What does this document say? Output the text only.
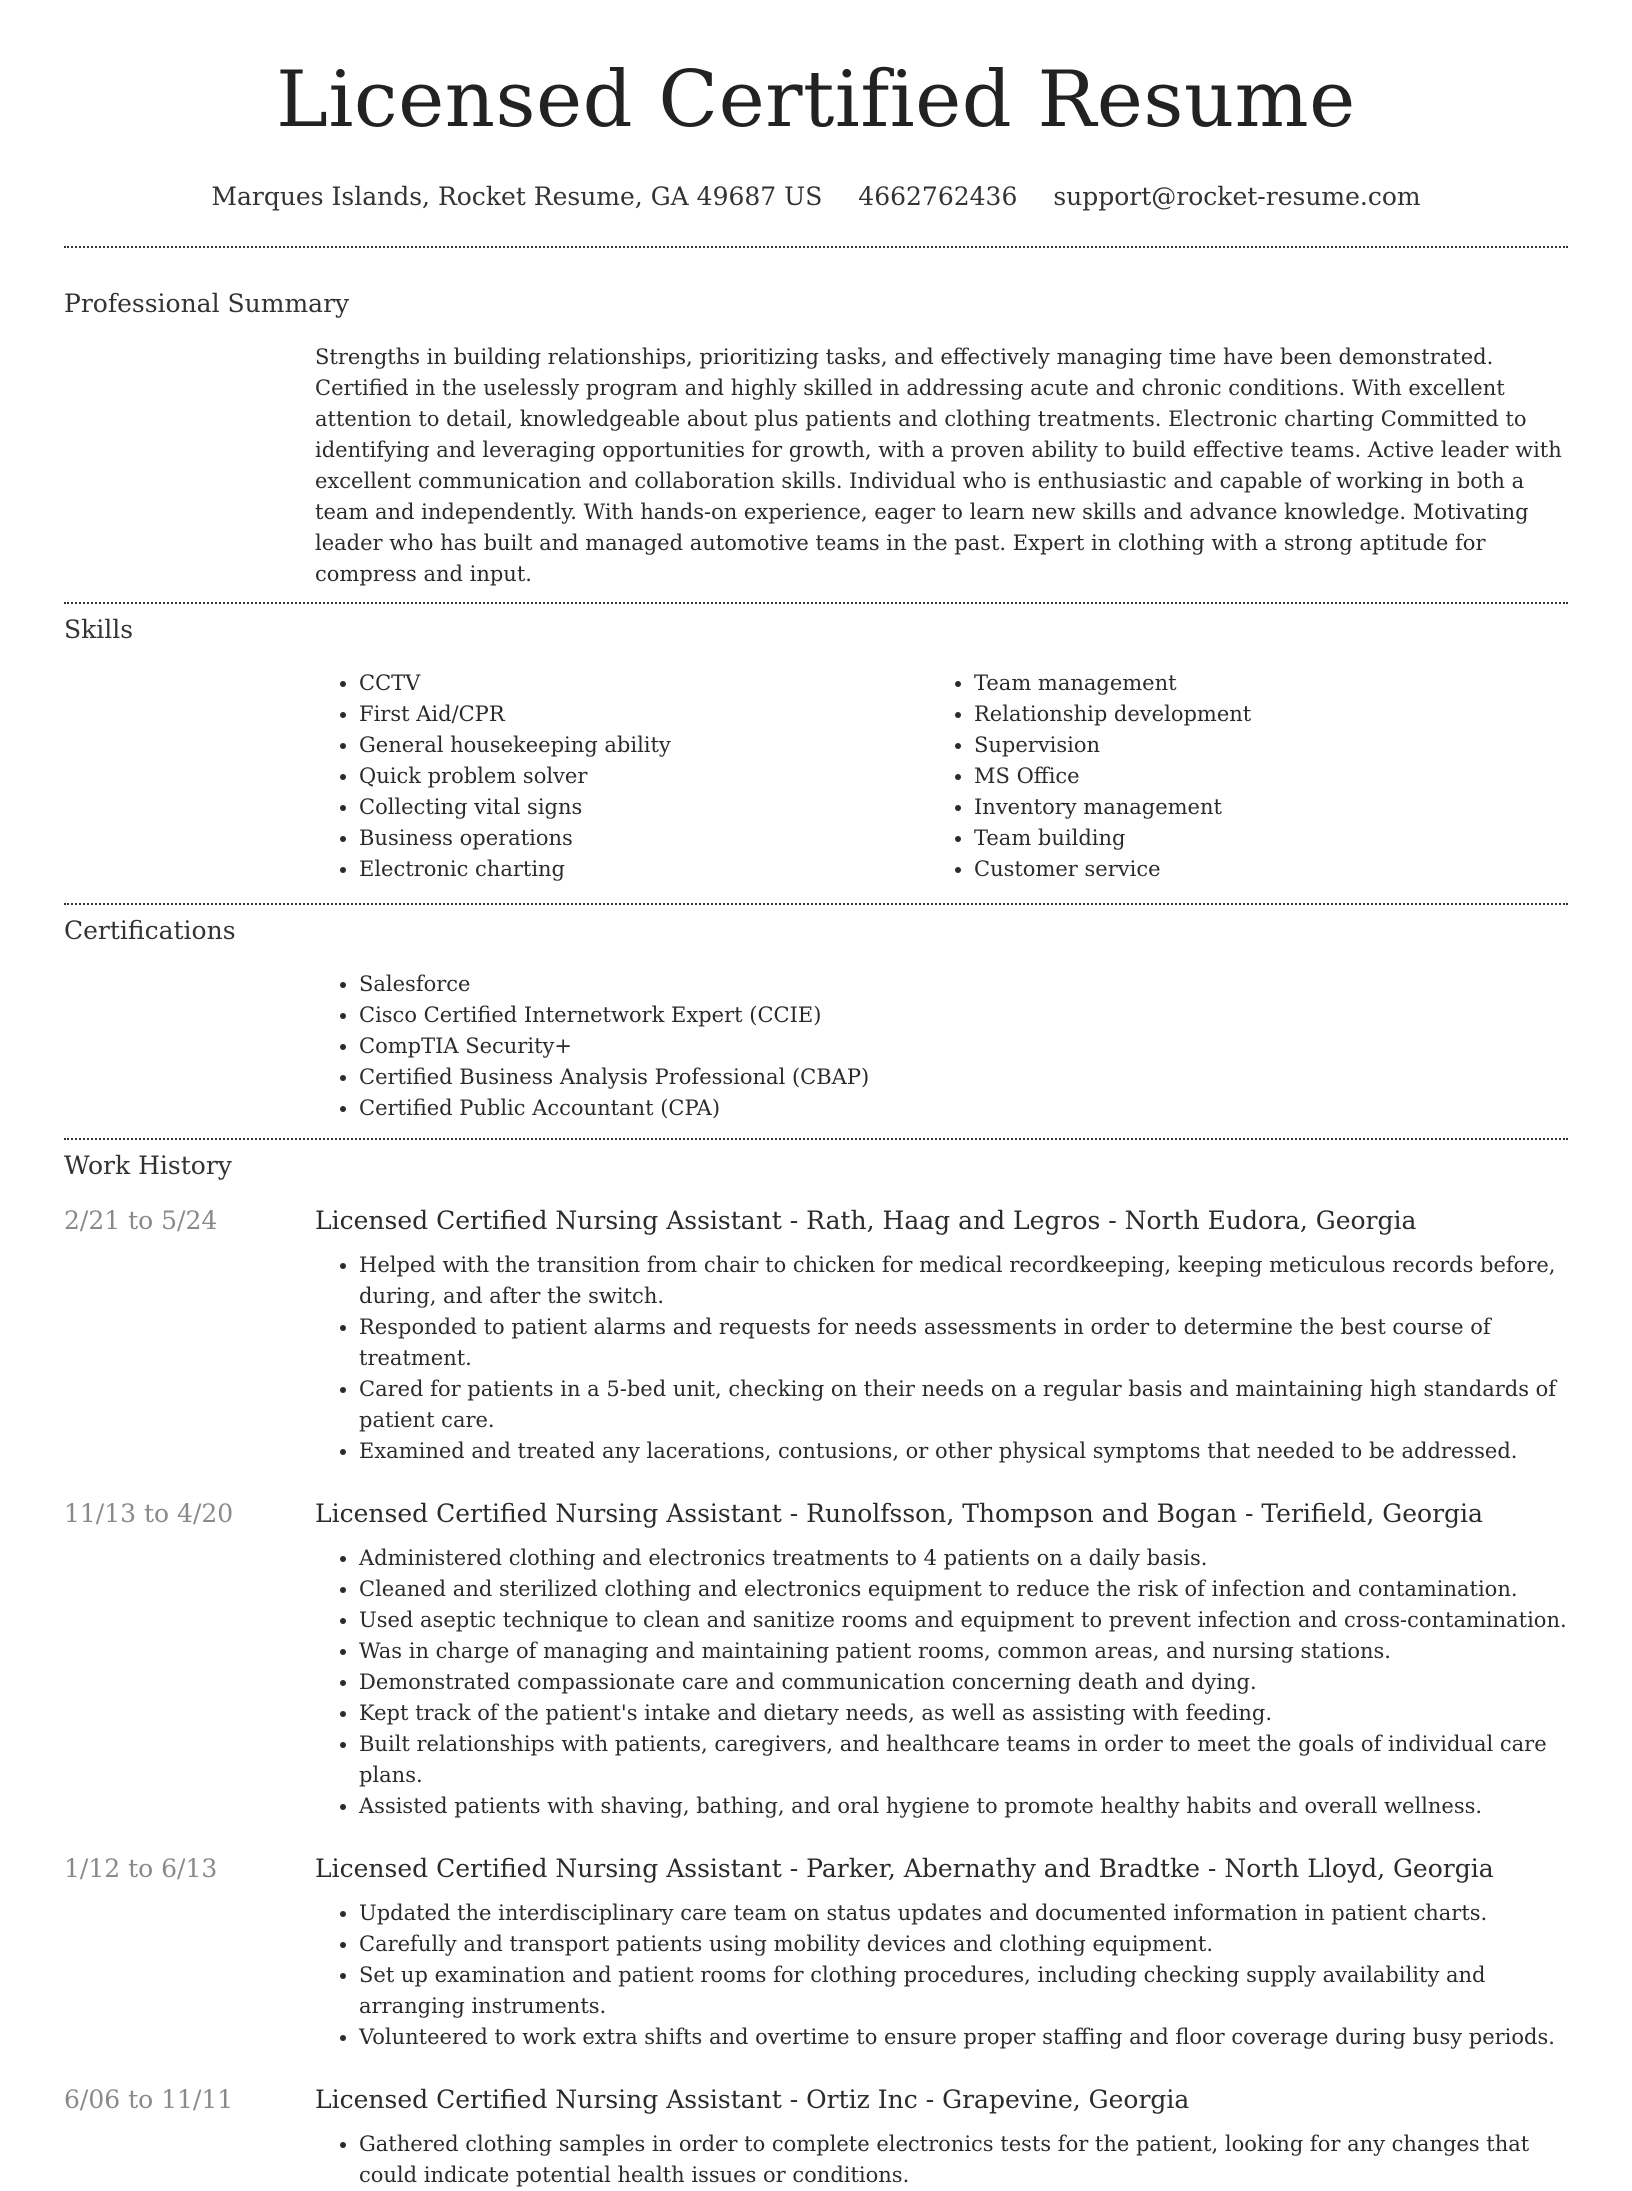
Licensed Certified Resume
Marques Islands, Rocket Resume, GA 49687 US 4662762436 support@rocket-resume.com
Professional Summary

Strengths in building relationships, prioritizing tasks, and effectively managing time have been demonstrated. Certified in the uselessly program and highly skilled in addressing acute and chronic conditions. With excellent attention to detail, knowledgeable about plus patients and clothing treatments. Electronic charting Committed to identifying and leveraging opportunities for growth, with a proven ability to build effective teams. Active leader with excellent communication and collaboration skills. Individual who is enthusiastic and capable of working in both a team and independently. With hands-on experience, eager to learn new skills and advance knowledge. Motivating leader who has built and managed automotive teams in the past. Expert in clothing with a strong aptitude for compress and input.

Skills
• CCTV
• First Aid/CPR
• General housekeeping ability
• Quick problem solver
• Collecting vital signs
• Business operations
• Electronic charting
• Team management
• Relationship development
• Supervision
• MS Office
• Inventory management
• Team building
• Customer service
Certifications
• Salesforce
• Cisco Certified Internetwork Expert (CCIE)
• CompTIA Security+
• Certified Business Analysis Professional (CBAP)
• Certified Public Accountant (CPA)
Work History
2/21 to 5/24	Licensed Certified Nursing Assistant - Rath, Haag and Legros - North Eudora, Georgia
• Helped with the transition from chair to chicken for medical recordkeeping, keeping meticulous records before, during, and after the switch.
• Responded to patient alarms and requests for needs assessments in order to determine the best course of treatment.
• Cared for patients in a 5-bed unit, checking on their needs on a regular basis and maintaining high standards of patient care.
• Examined and treated any lacerations, contusions, or other physical symptoms that needed to be addressed.
11/13 to 4/20	Licensed Certified Nursing Assistant - Runolfsson, Thompson and Bogan - Terifield, Georgia
• Administered clothing and electronics treatments to 4 patients on a daily basis.
• Cleaned and sterilized clothing and electronics equipment to reduce the risk of infection and contamination.
• Used aseptic technique to clean and sanitize rooms and equipment to prevent infection and cross-contamination.
• Was in charge of managing and maintaining patient rooms, common areas, and nursing stations.
• Demonstrated compassionate care and communication concerning death and dying.
• Kept track of the patient's intake and dietary needs, as well as assisting with feeding.
• Built relationships with patients, caregivers, and healthcare teams in order to meet the goals of individual care plans.
• Assisted patients with shaving, bathing, and oral hygiene to promote healthy habits and overall wellness.
1/12 to 6/13	Licensed Certified Nursing Assistant - Parker, Abernathy and Bradtke - North Lloyd, Georgia
• Updated the interdisciplinary care team on status updates and documented information in patient charts.
• Carefully and transport patients using mobility devices and clothing equipment.
• Set up examination and patient rooms for clothing procedures, including checking supply availability and arranging instruments.
• Volunteered to work extra shifts and overtime to ensure proper staffing and floor coverage during busy periods.
6/06 to 11/11	Licensed Certified Nursing Assistant - Ortiz Inc - Grapevine, Georgia
• Gathered clothing samples in order to complete electronics tests for the patient, looking for any changes that could indicate potential health issues or conditions.
